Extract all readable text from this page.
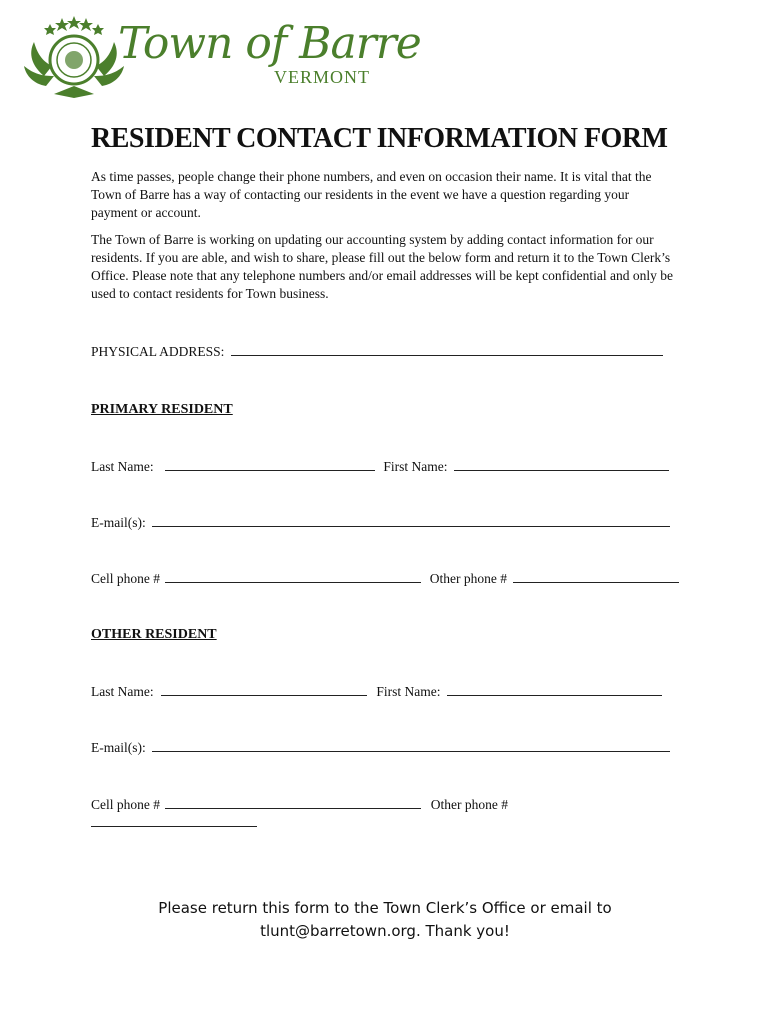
Town of Barre
VERMONT
RESIDENT CONTACT INFORMATION FORM

As time passes, people change their phone numbers, and even on occasion their name. It is vital that the Town of Barre has a way of contacting our residents in the event we have a question regarding your payment or account.

The Town of Barre is working on updating our accounting system by adding contact information for our residents. If you are able, and wish to share, please fill out the below form and return it to the Town Clerk’s Office. Please note that any telephone numbers and/or email addresses will be kept confidential and only be used to contact residents for Town business.

PHYSICAL ADDRESS:
PRIMARY RESIDENT
Last Name:	First Name:
E-mail(s):
Cell phone #	Other phone #
OTHER RESIDENT
Last Name:	First Name:
E-mail(s):
Cell phone #	Other phone #
Please return this form to the Town Clerk’s Office or email to
tlunt@barretown.org. Thank you!
